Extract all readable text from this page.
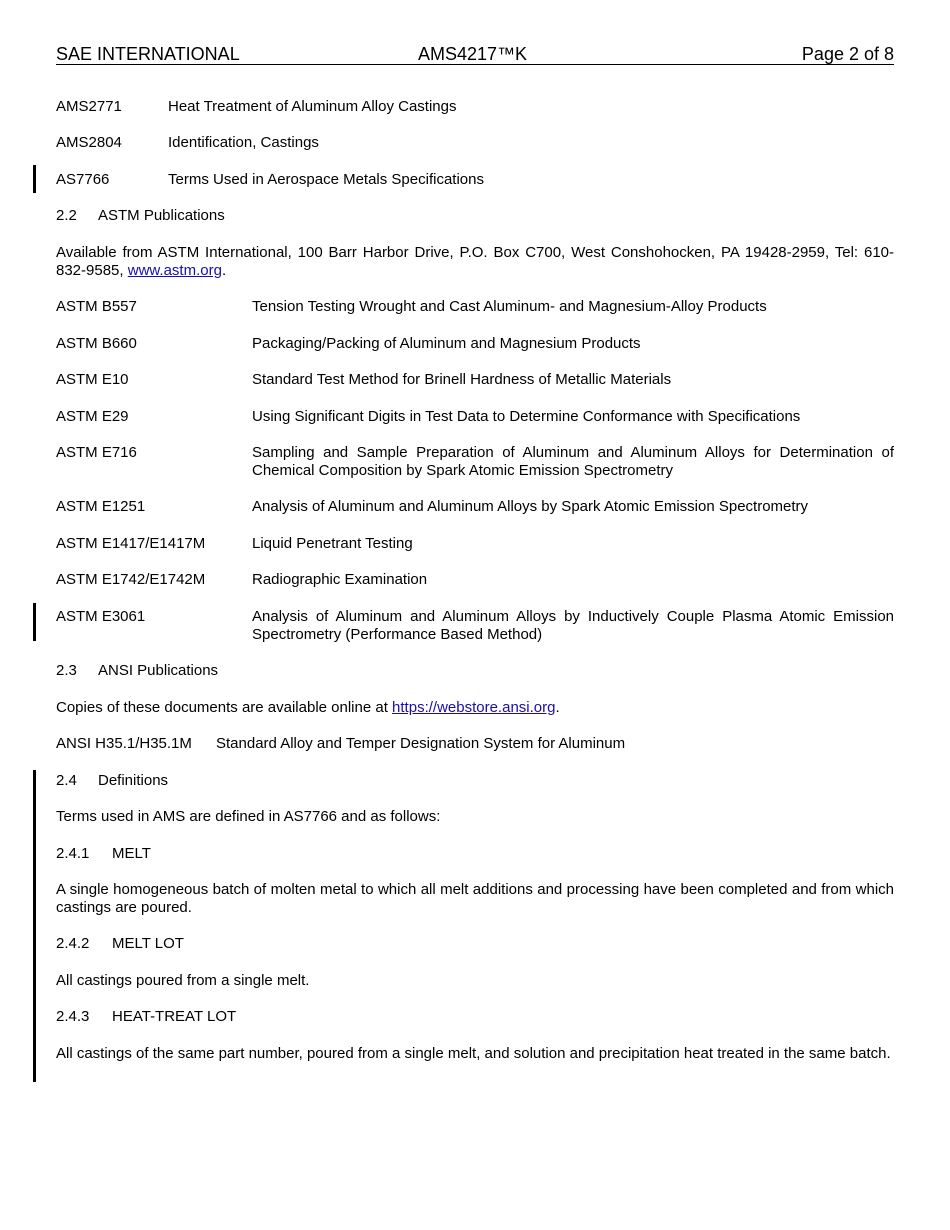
SAE INTERNATIONAL	AMS4217™K	Page 2 of 8
AMS2771	Heat Treatment of Aluminum Alloy Castings
AMS2804	Identification, Castings
AS7766	Terms Used in Aerospace Metals Specifications
2.2 ASTM Publications
Available from ASTM International, 100 Barr Harbor Drive, P.O. Box C700, West Conshohocken, PA 19428-2959, Tel: 610-832-9585, www.astm.org.
ASTM B557	Tension Testing Wrought and Cast Aluminum- and Magnesium-Alloy Products
ASTM B660	Packaging/Packing of Aluminum and Magnesium Products
ASTM E10	Standard Test Method for Brinell Hardness of Metallic Materials
ASTM E29	Using Significant Digits in Test Data to Determine Conformance with Specifications
ASTM E716	Sampling and Sample Preparation of Aluminum and Aluminum Alloys for Determination of Chemical Composition by Spark Atomic Emission Spectrometry
ASTM E1251	Analysis of Aluminum and Aluminum Alloys by Spark Atomic Emission Spectrometry
ASTM E1417/E1417M	Liquid Penetrant Testing
ASTM E1742/E1742M	Radiographic Examination
ASTM E3061	Analysis of Aluminum and Aluminum Alloys by Inductively Couple Plasma Atomic Emission Spectrometry (Performance Based Method)
2.3 ANSI Publications
Copies of these documents are available online at https://webstore.ansi.org.
ANSI H35.1/H35.1M Standard Alloy and Temper Designation System for Aluminum
2.4 Definitions
Terms used in AMS are defined in AS7766 and as follows:
2.4.1 MELT
A single homogeneous batch of molten metal to which all melt additions and processing have been completed and from which castings are poured.
2.4.2 MELT LOT
All castings poured from a single melt.
2.4.3 HEAT-TREAT LOT
All castings of the same part number, poured from a single melt, and solution and precipitation heat treated in the same batch.
